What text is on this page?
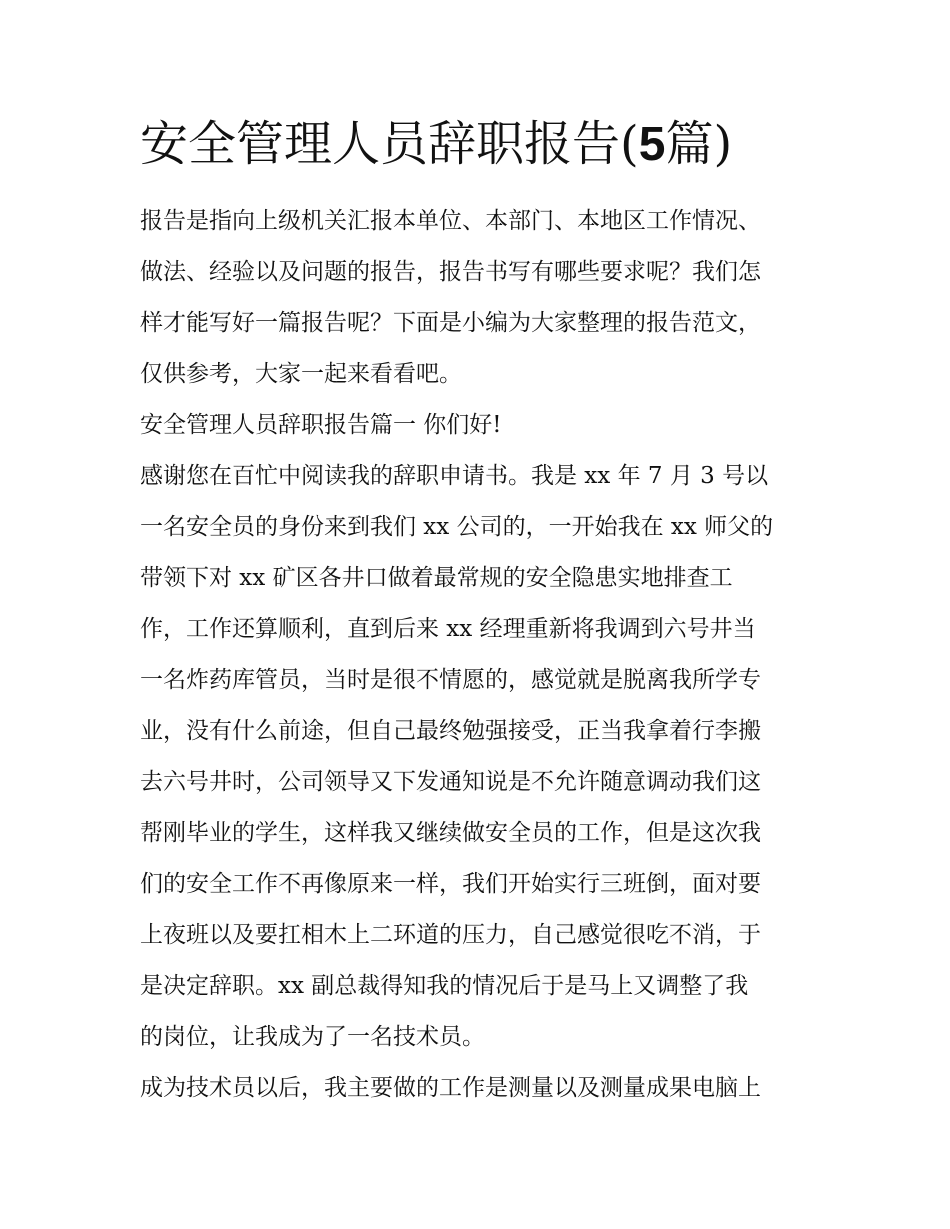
安全管理人员辞职报告(5篇)
报告是指向上级机关汇报本单位、本部门、本地区工作情况、
做法、经验以及问题的报告，报告书写有哪些要求呢？我们怎
样才能写好一篇报告呢？下面是小编为大家整理的报告范文，
仅供参考，大家一起来看看吧。
安全管理人员辞职报告篇一 你们好!
感谢您在百忙中阅读我的辞职申请书。我是 xx 年 7 月 3 号以
一名安全员的身份来到我们 xx 公司的，一开始我在 xx 师父的
带领下对 xx 矿区各井口做着最常规的安全隐患实地排查工
作，工作还算顺利，直到后来 xx 经理重新将我调到六号井当
一名炸药库管员，当时是很不情愿的，感觉就是脱离我所学专
业，没有什么前途，但自己最终勉强接受，正当我拿着行李搬
去六号井时，公司领导又下发通知说是不允许随意调动我们这
帮刚毕业的学生，这样我又继续做安全员的工作，但是这次我
们的安全工作不再像原来一样，我们开始实行三班倒，面对要
上夜班以及要扛相木上二环道的压力，自己感觉很吃不消，于
是决定辞职。xx 副总裁得知我的情况后于是马上又调整了我
的岗位，让我成为了一名技术员。
成为技术员以后，我主要做的工作是测量以及测量成果电脑上
